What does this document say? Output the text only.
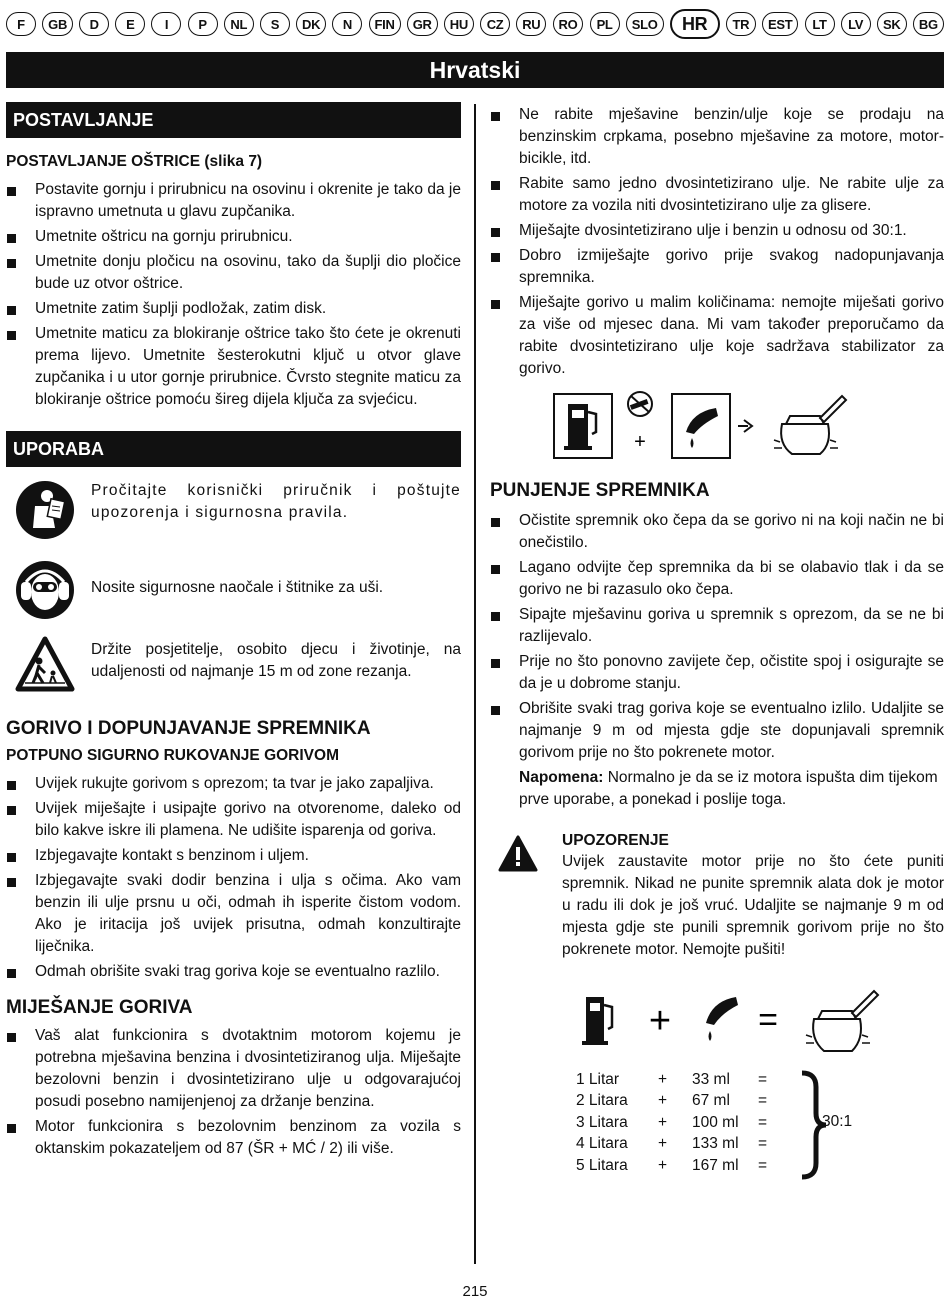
F	GB	D	E	I	P	NL	S	DK	N	FIN	GR	HU	CZ	RU	RO	PL	SLO	HR	TR	EST	LT	LV	SK	BG
Hrvatski
POSTAVLJANJE
POSTAVLJANJE OŠTRICE (slika 7)
Postavite gornju i prirubnicu na osovinu i okrenite je tako da je ispravno umetnuta u glavu zupčanika.
Umetnite oštricu na gornju prirubnicu.
Umetnite donju pločicu na osovinu, tako da šuplji dio pločice bude uz otvor oštrice.
Umetnite zatim šuplji podložak, zatim disk.
Umetnite maticu za blokiranje oštrice tako što ćete je okrenuti prema lijevo. Umetnite šesterokutni ključ u otvor glave zupčanika i u utor gornje prirubnice. Čvrsto stegnite maticu za blokiranje oštrice pomoću šireg dijela ključa za svjećicu.
UPORABA
Pročitajte korisnički priručnik i poštujte upozorenja i sigurnosna pravila.
Nosite sigurnosne naočale i štitnike za uši.
Držite posjetitelje, osobito djecu i životinje, na udaljenosti od najmanje 15 m od zone rezanja.
GORIVO I DOPUNJAVANJE SPREMNIKA
POTPUNO SIGURNO RUKOVANJE GORIVOM
Uvijek rukujte gorivom s oprezom; ta tvar je jako zapaljiva.
Uvijek miješajte i usipajte gorivo na otvorenome, daleko od bilo kakve iskre ili plamena. Ne udišite isparenja od goriva.
Izbjegavajte kontakt s benzinom i uljem.
Izbjegavajte svaki dodir benzina i ulja s očima. Ako vam benzin ili ulje prsnu u oči, odmah ih isperite čistom vodom. Ako je iritacija još uvijek prisutna, odmah konzultirajte liječnika.
Odmah obrišite svaki trag goriva koje se eventualno razlilo.
MIJEŠANJE GORIVA
Vaš alat funkcionira s dvotaktnim motorom kojemu je potrebna mješavina benzina i dvosintetiziranog ulja. Miješajte bezolovni benzin i dvosintetizirano ulje u odgovarajućoj posudi posebno namijenjenoj za držanje benzina.
Motor funkcionira s bezolovnim benzinom za vozila s oktanskim pokazateljem od 87 (ŠR + MĆ / 2) ili više.
Ne rabite mješavine benzin/ulje koje se prodaju na benzinskim crpkama, posebno mješavine za motore, motor-bicikle, itd.
Rabite samo jedno dvosintetizirano ulje. Ne rabite ulje za motore za vozila niti dvosintetizirano ulje za glisere.
Miješajte dvosintetizirano ulje i benzin u odnosu od 30:1.
Dobro izmiješajte gorivo prije svakog nadopunjavanja spremnika.
Miješajte gorivo u malim količinama: nemojte miješati gorivo za više od mjesec dana. Mi vam također preporučamo da rabite dvosintetizirano ulje koje sadržava stabilizator za gorivo.
+
PUNJENJE SPREMNIKA
Očistite spremnik oko čepa da se gorivo ni na koji način ne bi onečistilo.
Lagano odvijte čep spremnika da bi se olabavio tlak i da se gorivo ne bi razasulo oko čepa.
Sipajte mješavinu goriva u spremnik s oprezom, da se ne bi razlijevalo.
Prije no što ponovno zavijete čep, očistite spoj i osigurajte se da je u dobrome stanju.
Obrišite svaki trag goriva koje se eventualno izlilo. Udaljite se najmanje 9 m od mjesta gdje ste dopunjavali spremnik gorivom prije no što pokrenete motor.
Napomena: Normalno je da se iz motora ispušta dim tijekom prve uporabe, a ponekad i poslije toga.
UPOZORENJE
Uvijek zaustavite motor prije no što ćete puniti spremnik. Nikad ne punite spremnik alata dok je motor u radu ili dok je još vruć. Udaljite se najmanje 9 m od mjesta gdje ste punili spremnik gorivom prije no što pokrenete motor. Nemojte pušiti!
+	=
1 Litar	+	33 ml	=
2 Litara	+	67 ml	=
3 Litara	+	100 ml	=
4 Litara	+	133 ml	=
5 Litara	+	167 ml	=
30:1
215
